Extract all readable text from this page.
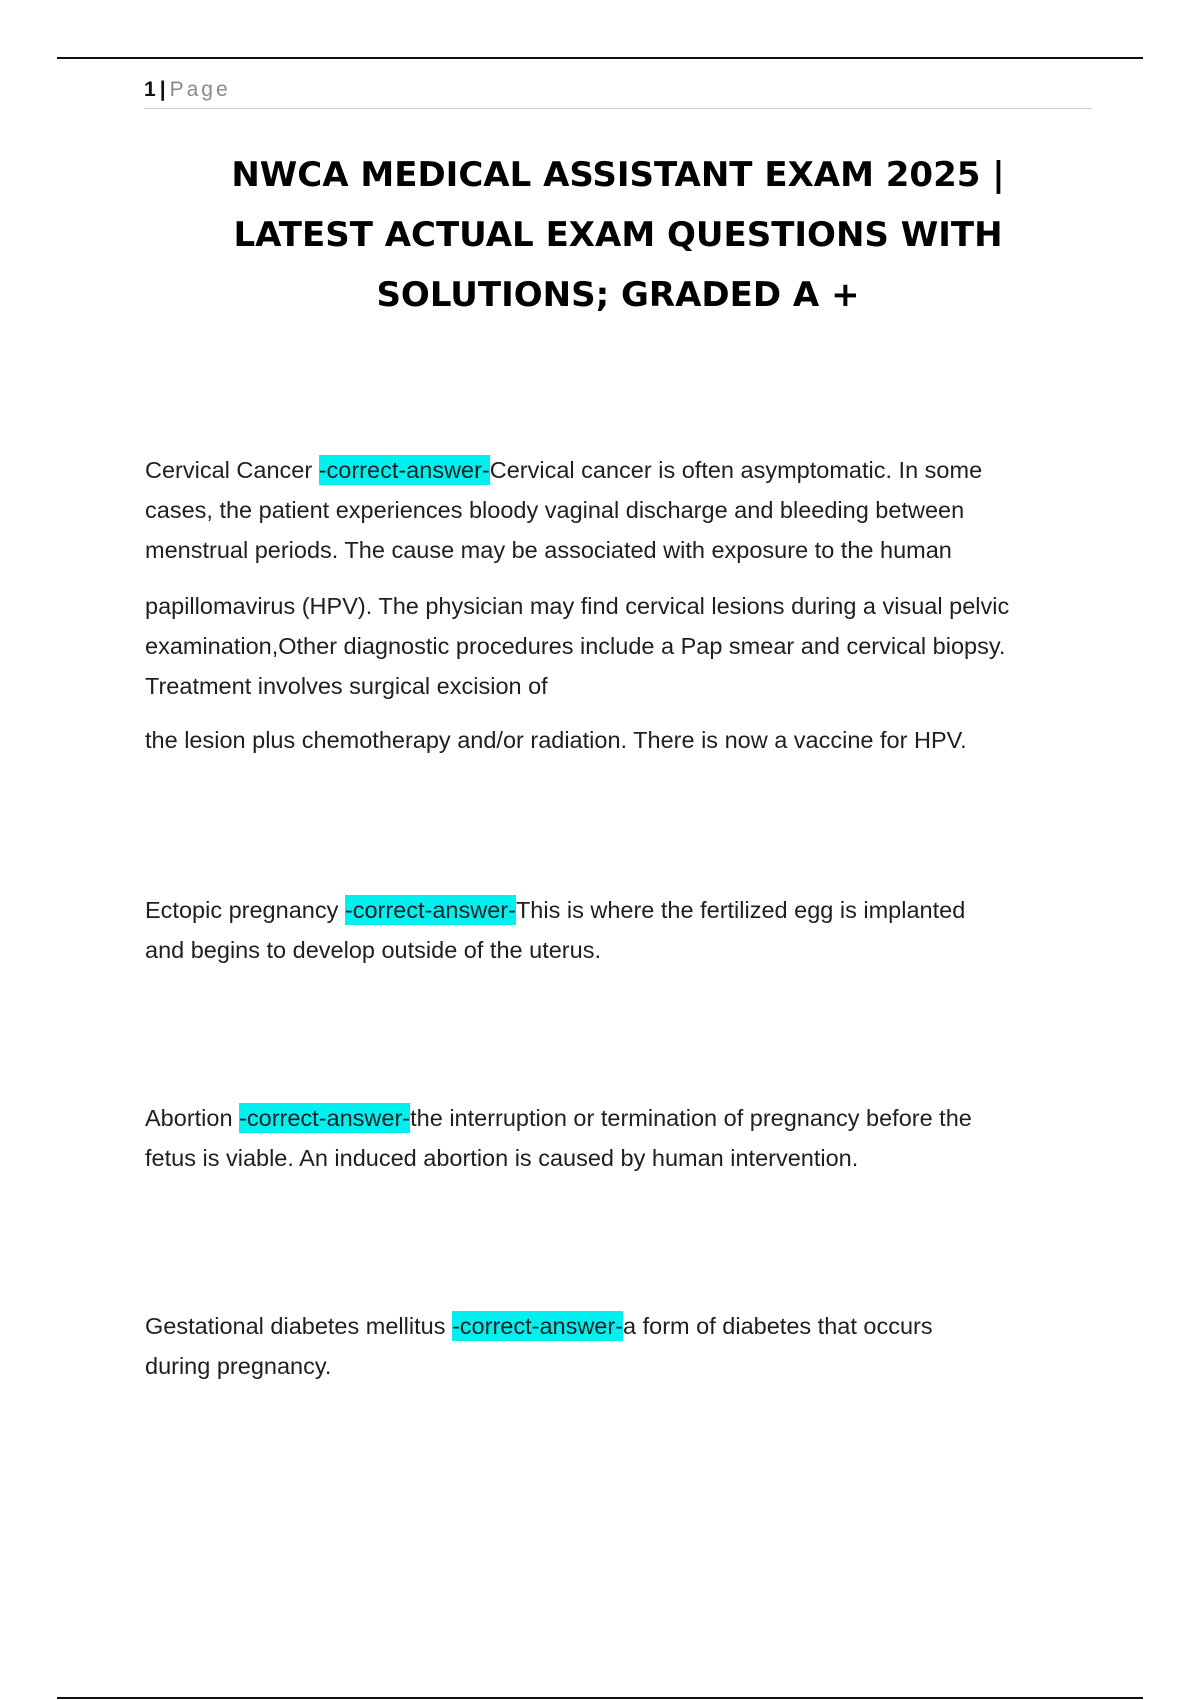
1 | Page
NWCA MEDICAL ASSISTANT EXAM 2025 |
LATEST ACTUAL EXAM QUESTIONS WITH
SOLUTIONS; GRADED A +
Cervical Cancer -correct-answer-Cervical cancer is often asymptomatic. In some
cases, the patient experiences bloody vaginal discharge and bleeding between
menstrual periods. The cause may be associated with exposure to the human
papillomavirus (HPV). The physician may find cervical lesions during a visual pelvic
examination,Other diagnostic procedures include a Pap smear and cervical biopsy.
Treatment involves surgical excision of
the lesion plus chemotherapy and/or radiation. There is now a vaccine for HPV.
Ectopic pregnancy -correct-answer-This is where the fertilized egg is implanted
and begins to develop outside of the uterus.
Abortion -correct-answer-the interruption or termination of pregnancy before the
fetus is viable. An induced abortion is caused by human intervention.
Gestational diabetes mellitus -correct-answer-a form of diabetes that occurs
during pregnancy.
